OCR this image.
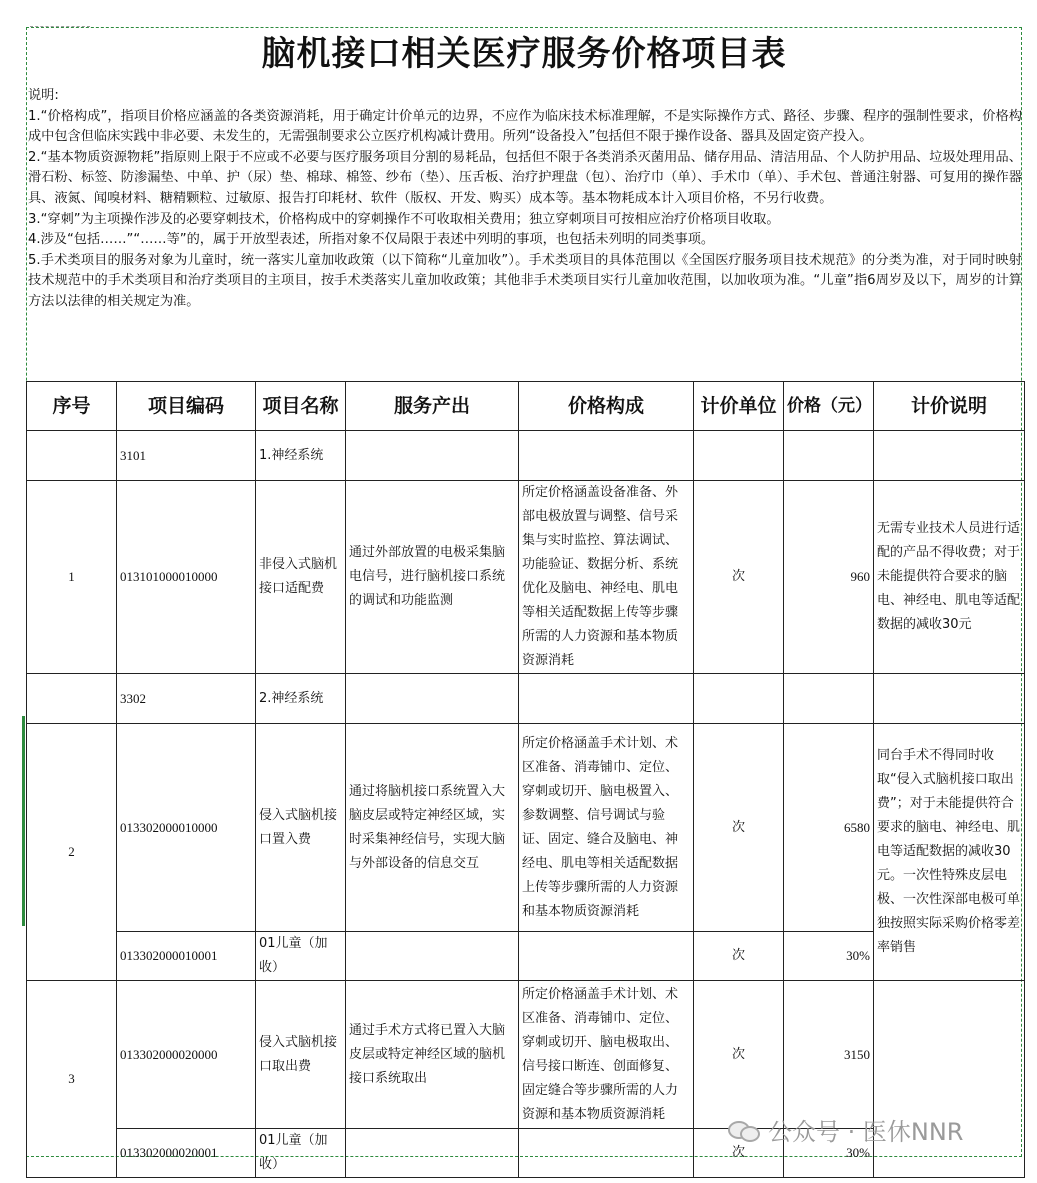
脑机接口相关医疗服务价格项目表

说明:

1.“价格构成”，指项目价格应涵盖的各类资源消耗，用于确定计价单元的边界，不应作为临床技术标准理解，不是实际操作方式、路径、步骤、程序的强制性要求，价格构成中包含但临床实践中非必要、未发生的，无需强制要求公立医疗机构减计费用。所列“设备投入”包括但不限于操作设备、器具及固定资产投入。

2.“基本物质资源物耗”指原则上限于不应或不必要与医疗服务项目分割的易耗品，包括但不限于各类消杀灭菌用品、储存用品、清洁用品、个人防护用品、垃圾处理用品、滑石粉、标签、防渗漏垫、中单、护（尿）垫、棉球、棉签、纱布（垫）、压舌板、治疗护理盘（包）、治疗巾（单）、手术巾（单）、手术包、普通注射器、可复用的操作器具、液氮、闻嗅材料、糖精颗粒、过敏原、报告打印耗材、软件（版权、开发、购买）成本等。基本物耗成本计入项目价格，不另行收费。

3.“穿刺”为主项操作涉及的必要穿刺技术，价格构成中的穿刺操作不可收取相关费用；独立穿刺项目可按相应治疗价格项目收取。

4.涉及“包括……”“……等”的，属于开放型表述，所指对象不仅局限于表述中列明的事项，也包括未列明的同类事项。

5.手术类项目的服务对象为儿童时，统一落实儿童加收政策（以下简称“儿童加收”）。手术类项目的具体范围以《全国医疗服务项目技术规范》的分类为准，对于同时映射技术规范中的手术类项目和治疗类项目的主项目，按手术类落实儿童加收政策；其他非手术类项目实行儿童加收范围，以加收项为准。“儿童”指6周岁及以下，周岁的计算方法以法律的相关规定为准。

序号	项目编码	项目名称	服务产出	价格构成	计价单位	价格（元）	计价说明
	3101	1.神经系统					
1	013101000010000	非侵入式脑机接口适配费	通过外部放置的电极采集脑电信号，进行脑机接口系统的调试和功能监测	所定价格涵盖设备准备、外部电极放置与调整、信号采集与实时监控、算法调试、功能验证、数据分析、系统优化及脑电、神经电、肌电等相关适配数据上传等步骤所需的人力资源和基本物质资源消耗	次	960	无需专业技术人员进行适配的产品不得收费；对于未能提供符合要求的脑电、神经电、肌电等适配数据的减收30元
	3302	2.神经系统					
2	013302000010000	侵入式脑机接口置入费	通过将脑机接口系统置入大脑皮层或特定神经区域，实时采集神经信号，实现大脑与外部设备的信息交互	所定价格涵盖手术计划、术区准备、消毒铺巾、定位、穿刺或切开、脑电极置入、参数调整、信号调试与验证、固定、缝合及脑电、神经电、肌电等相关适配数据上传等步骤所需的人力资源和基本物质资源消耗	次	6580	同台手术不得同时收取“侵入式脑机接口取出费”；对于未能提供符合要求的脑电、神经电、肌电等适配数据的减收30元。一次性特殊皮层电极、一次性深部电极可单独按照实际采购价格零差率销售
	013302000010001	01儿童（加收）			次	30%	
3	013302000020000	侵入式脑机接口取出费	通过手术方式将已置入大脑皮层或特定神经区域的脑机接口系统取出	所定价格涵盖手术计划、术区准备、消毒铺巾、定位、穿刺或切开、脑电极取出、信号接口断连、创面修复、固定缝合等步骤所需的人力资源和基本物质资源消耗	次	3150	
	013302000020001	01儿童（加收）			次	30%	
公众号 · 医休NNR
